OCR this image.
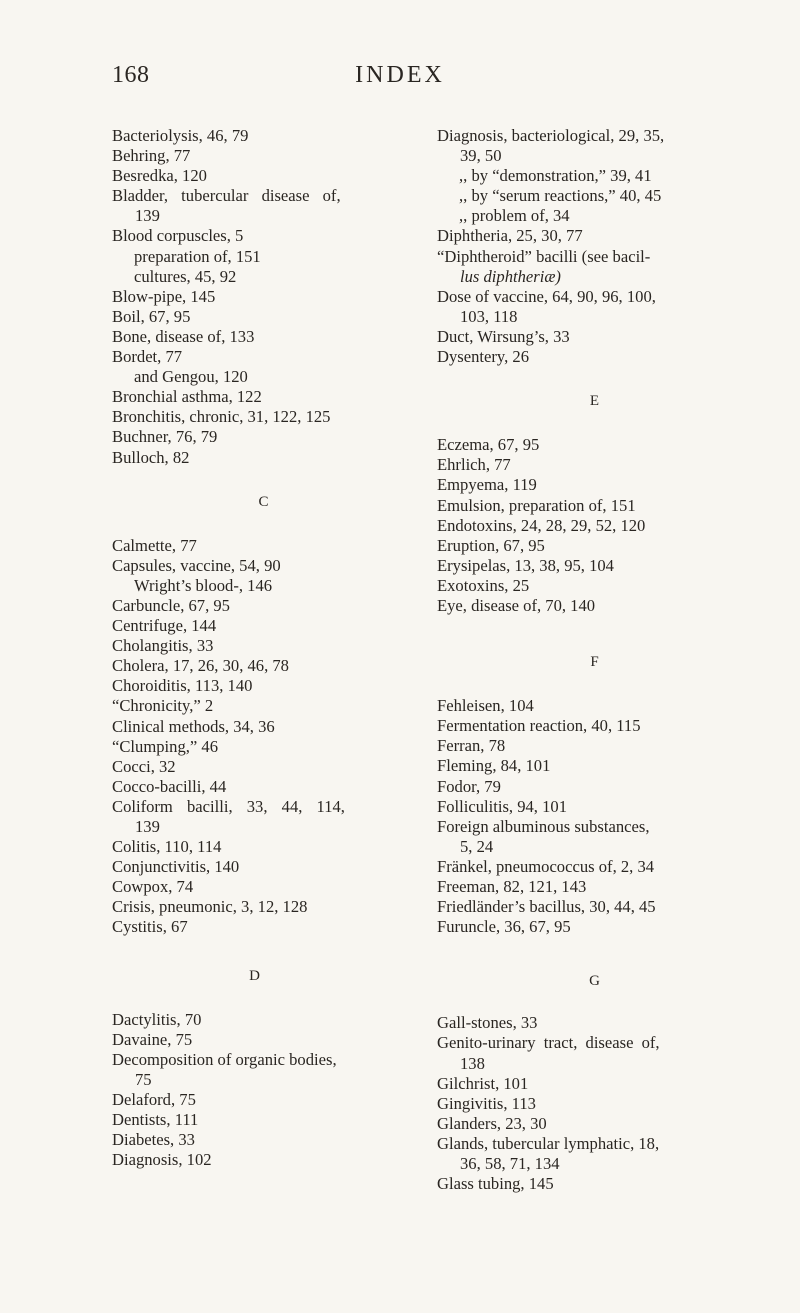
168	INDEX
Bacteriolysis, 46, 79
Behring, 77
Besredka, 120
Bladder, tubercular disease of,
139
Blood corpuscles, 5
preparation of, 151
cultures, 45, 92
Blow-pipe, 145
Boil, 67, 95
Bone, disease of, 133
Bordet, 77
and Gengou, 120
Bronchial asthma, 122
Bronchitis, chronic, 31, 122, 125
Buchner, 76, 79
Bulloch, 82
C
Calmette, 77
Capsules, vaccine, 54, 90
Wright’s blood-, 146
Carbuncle, 67, 95
Centrifuge, 144
Cholangitis, 33
Cholera, 17, 26, 30, 46, 78
Choroiditis, 113, 140
“Chronicity,” 2
Clinical methods, 34, 36
“Clumping,” 46
Cocci, 32
Cocco-bacilli, 44
Coliform bacilli, 33, 44, 114,
139
Colitis, 110, 114
Conjunctivitis, 140
Cowpox, 74
Crisis, pneumonic, 3, 12, 128
Cystitis, 67
D
Dactylitis, 70
Davaine, 75
Decomposition of organic bodies,
75
Delaford, 75
Dentists, 111
Diabetes, 33
Diagnosis, 102
Diagnosis, bacteriological, 29, 35,
39, 50
,, by “demonstration,” 39, 41
,, by “serum reactions,” 40, 45
,, problem of, 34
Diphtheria, 25, 30, 77
“Diphtheroid” bacilli (see bacil-
lus diphtheriæ)
Dose of vaccine, 64, 90, 96, 100,
103, 118
Duct, Wirsung’s, 33
Dysentery, 26
E
Eczema, 67, 95
Ehrlich, 77
Empyema, 119
Emulsion, preparation of, 151
Endotoxins, 24, 28, 29, 52, 120
Eruption, 67, 95
Erysipelas, 13, 38, 95, 104
Exotoxins, 25
Eye, disease of, 70, 140
F
Fehleisen, 104
Fermentation reaction, 40, 115
Ferran, 78
Fleming, 84, 101
Fodor, 79
Folliculitis, 94, 101
Foreign albuminous substances,
5, 24
Fränkel, pneumococcus of, 2, 34
Freeman, 82, 121, 143
Friedländer’s bacillus, 30, 44, 45
Furuncle, 36, 67, 95
G
Gall-stones, 33
Genito-urinary tract, disease of,
138
Gilchrist, 101
Gingivitis, 113
Glanders, 23, 30
Glands, tubercular lymphatic, 18,
36, 58, 71, 134
Glass tubing, 145
